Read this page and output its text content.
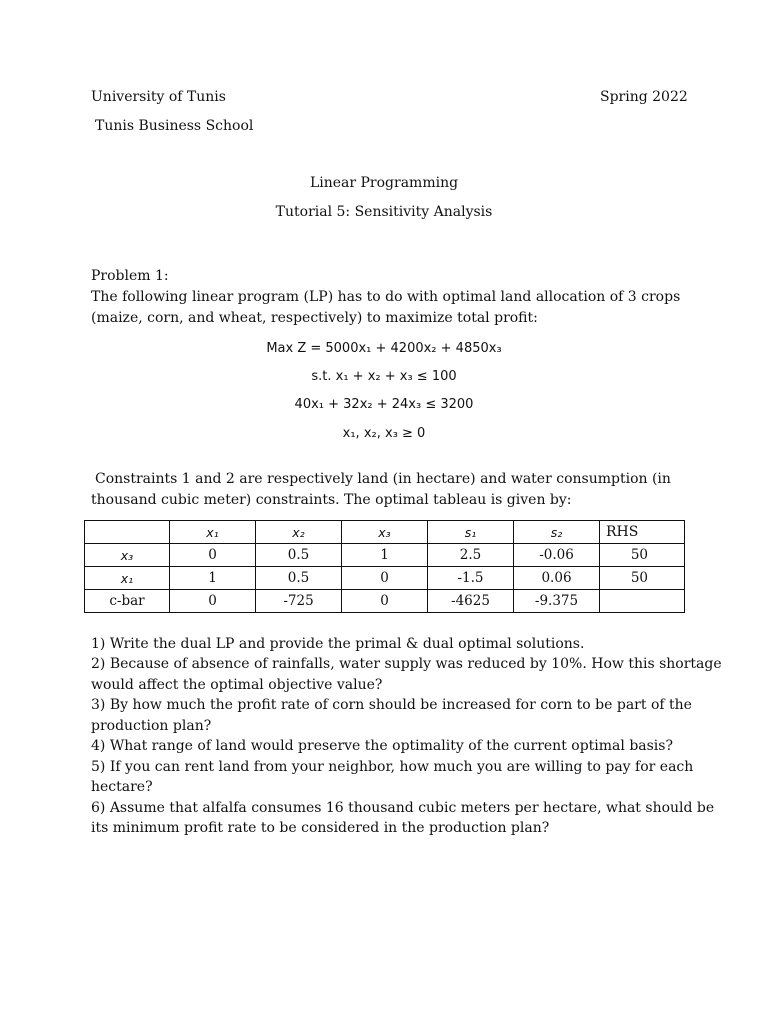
University of Tunis	Spring 2022
Tunis Business School
Linear Programming
Tutorial 5: Sensitivity Analysis
Problem 1:
The following linear program (LP) has to do with optimal land allocation of 3 crops
(maize, corn, and wheat, respectively) to maximize total profit:
Max Z = 5000x₁ + 4200x₂ + 4850x₃
s.t. x₁ + x₂ + x₃ ≤ 100
40x₁ + 32x₂ + 24x₃ ≤ 3200
x₁, x₂, x₃ ≥ 0
Constraints 1 and 2 are respectively land (in hectare) and water consumption (in
thousand cubic meter) constraints. The optimal tableau is given by:
	x₁	x₂	x₃	s₁	s₂	RHS
x₃	0	0.5	1	2.5	-0.06	50
x₁	1	0.5	0	-1.5	0.06	50
c-bar	0	-725	0	-4625	-9.375	
1) Write the dual LP and provide the primal & dual optimal solutions.
2) Because of absence of rainfalls, water supply was reduced by 10%. How this shortage
would affect the optimal objective value?
3) By how much the profit rate of corn should be increased for corn to be part of the
production plan?
4) What range of land would preserve the optimality of the current optimal basis?
5) If you can rent land from your neighbor, how much you are willing to pay for each
hectare?
6) Assume that alfalfa consumes 16 thousand cubic meters per hectare, what should be
its minimum profit rate to be considered in the production plan?
